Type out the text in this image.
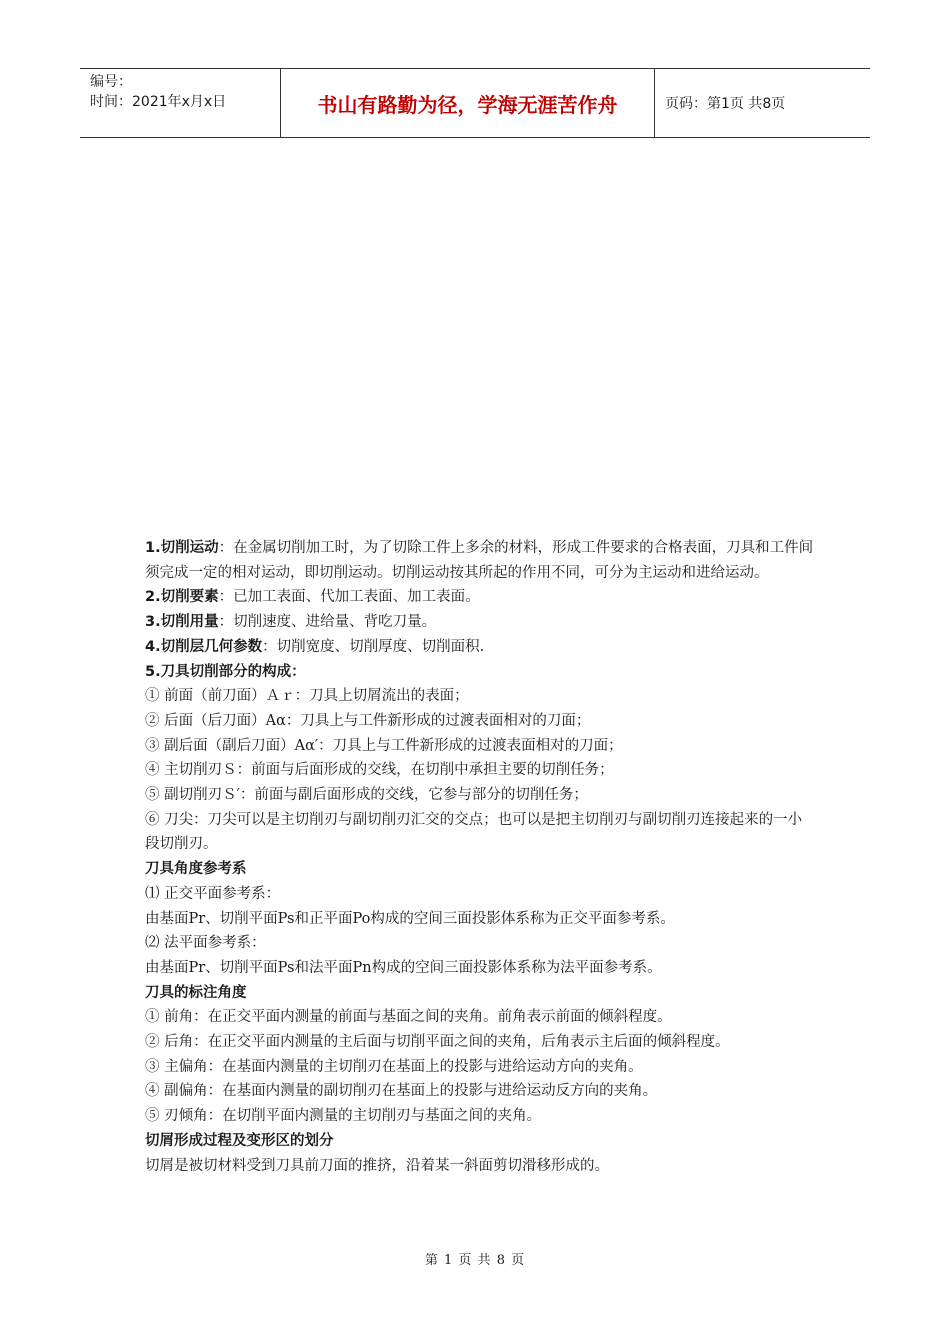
编号：
时间：2021年x月x日	书山有路勤为径，学海无涯苦作舟	页码：第1页 共8页

1.切削运动：在金属切削加工时，为了切除工件上多余的材料，形成工件要求的合格表面，刀具和工件间须完成一定的相对运动，即切削运动。切削运动按其所起的作用不同，可分为主运动和进给运动。

2.切削要素：已加工表面、代加工表面、加工表面。

3.切削用量：切削速度、进给量、背吃刀量。

4.切削层几何参数：切削宽度、切削厚度、切削面积.

5.刀具切削部分的构成：

① 前面（前刀面）Ａｒ：刀具上切屑流出的表面；

② 后面（后刀面）Aα：刀具上与工件新形成的过渡表面相对的刀面；

③ 副后面（副后刀面）Aα′：刀具上与工件新形成的过渡表面相对的刀面；

④ 主切削刃Ｓ：前面与后面形成的交线，在切削中承担主要的切削任务；

⑤ 副切削刃Ｓ′：前面与副后面形成的交线，它参与部分的切削任务；

⑥ 刀尖：刀尖可以是主切削刃与副切削刃汇交的交点；也可以是把主切削刃与副切削刃连接起来的一小段切削刃。

刀具角度参考系

⑴ 正交平面参考系：

由基面Pr、切削平面Ps和正平面Po构成的空间三面投影体系称为正交平面参考系。

⑵ 法平面参考系：

由基面Pr、切削平面Ps和法平面Pn构成的空间三面投影体系称为法平面参考系。

刀具的标注角度

① 前角：在正交平面内测量的前面与基面之间的夹角。前角表示前面的倾斜程度。

② 后角：在正交平面内测量的主后面与切削平面之间的夹角，后角表示主后面的倾斜程度。

③ 主偏角：在基面内测量的主切削刃在基面上的投影与进给运动方向的夹角。

④ 副偏角：在基面内测量的副切削刃在基面上的投影与进给运动反方向的夹角。

⑤ 刃倾角：在切削平面内测量的主切削刃与基面之间的夹角。

切屑形成过程及变形区的划分

切屑是被切材料受到刀具前刀面的推挤，沿着某一斜面剪切滑移形成的。

第 1 页 共 8 页
